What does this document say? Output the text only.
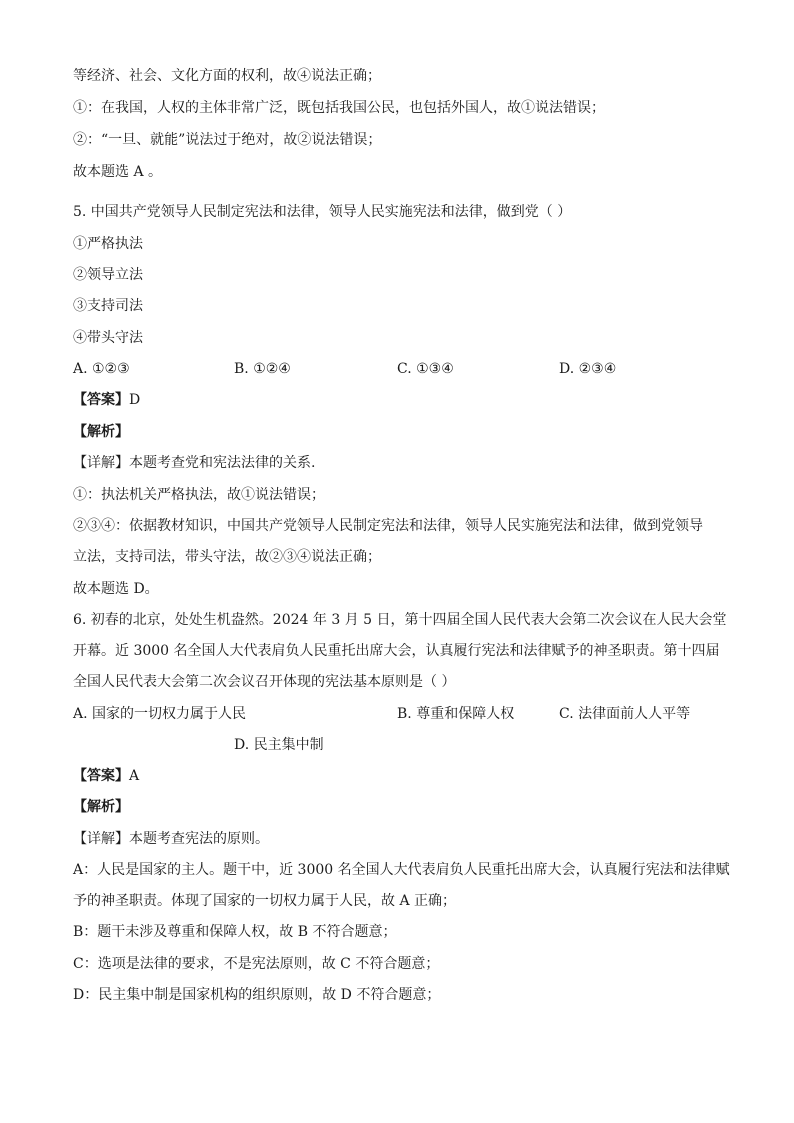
等经济、社会、文化方面的权利，故④说法正确；
①：在我国，人权的主体非常广泛，既包括我国公民，也包括外国人，故①说法错误；
②：“一旦、就能”说法过于绝对，故②说法错误；
故本题选 A 。
5. 中国共产党领导人民制定宪法和法律，领导人民实施宪法和法律，做到党（ ）
①严格执法
②领导立法
③支持司法
④带头守法
A. ①②③	B. ①②④	C. ①③④	D. ②③④
【答案】D
【解析】
【详解】本题考查党和宪法法律的关系.
①：执法机关严格执法，故①说法错误；
②③④：依据教材知识，中国共产党领导人民制定宪法和法律，领导人民实施宪法和法律，做到党领导
立法，支持司法，带头守法，故②③④说法正确；
故本题选 D。
6. 初春的北京，处处生机盎然。2024 年 3 月 5 日，第十四届全国人民代表大会第二次会议在人民大会堂
开幕。近 3000 名全国人大代表肩负人民重托出席大会，认真履行宪法和法律赋予的神圣职责。第十四届
全国人民代表大会第二次会议召开体现的宪法基本原则是（ ）
A. 国家的一切权力属于人民	B. 尊重和保障人权	C. 法律面前人人平等
D. 民主集中制
【答案】A
【解析】
【详解】本题考查宪法的原则。
A：人民是国家的主人。题干中，近 3000 名全国人大代表肩负人民重托出席大会，认真履行宪法和法律赋
予的神圣职责。体现了国家的一切权力属于人民，故 A 正确；
B：题干未涉及尊重和保障人权，故 B 不符合题意；
C：选项是法律的要求，不是宪法原则，故 C 不符合题意；
D：民主集中制是国家机构的组织原则，故 D 不符合题意；
